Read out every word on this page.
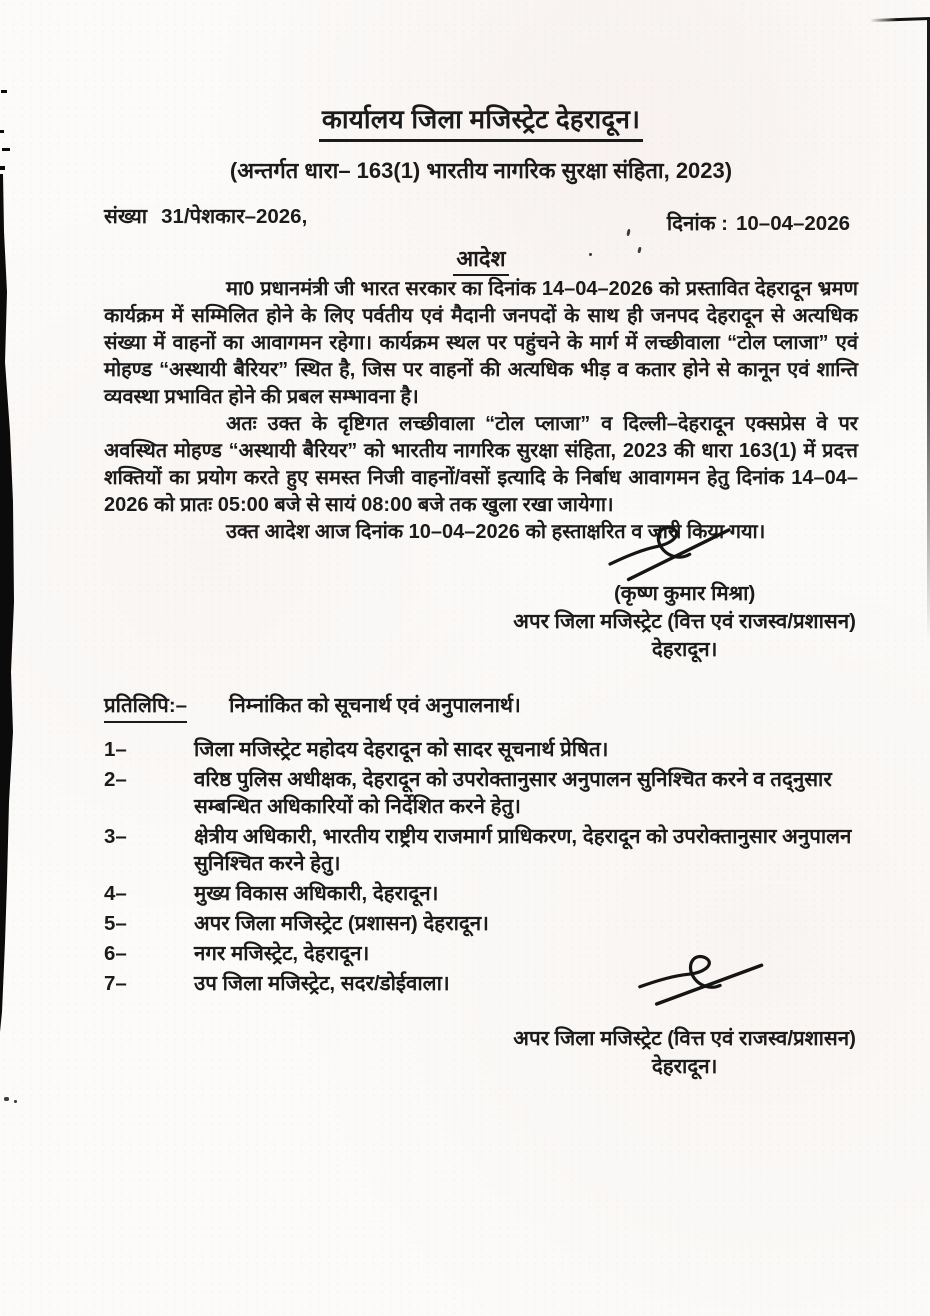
कार्यालय जिला मजिस्ट्रेट देहरादून।
(अन्तर्गत धारा– 163(1) भारतीय नागरिक सुरक्षा संहिता, 2023)
संख्या 31/पेशकार–2026,	दिनांक : 10–04–2026
आदेश

मा0 प्रधानमंत्री जी भारत सरकार का दिनांक 14–04–2026 को प्रस्तावित देहरादून भ्रमण कार्यक्रम में सम्मिलित होने के लिए पर्वतीय एवं मैदानी जनपदों के साथ ही जनपद देहरादून से अत्यधिक संख्या में वाहनों का आवागमन रहेगा। कार्यक्रम स्थल पर पहुंचने के मार्ग में लच्छीवाला “टोल प्लाजा” एवं मोहण्ड “अस्थायी बैरियर” स्थित है, जिस पर वाहनों की अत्यधिक भीड़ व कतार होने से कानून एवं शान्ति व्यवस्था प्रभावित होने की प्रबल सम्भावना है।

अतः उक्त के दृष्टिगत लच्छीवाला “टोल प्लाजा” व दिल्ली–देहरादून एक्सप्रेस वे पर अवस्थित मोहण्ड “अस्थायी बैरियर” को भारतीय नागरिक सुरक्षा संहिता, 2023 की धारा 163(1) में प्रदत्त शक्तियों का प्रयोग करते हुए समस्त निजी वाहनों/वसों इत्यादि के निर्बाध आवागमन हेतु दिनांक 14–04–2026 को प्रातः 05:00 बजे से सायं 08:00 बजे तक खुला रखा जायेगा।

उक्त आदेश आज दिनांक 10–04–2026 को हस्ताक्षरित व जारी किया गया।

(कृष्ण कुमार मिश्रा)
अपर जिला मजिस्ट्रेट (वित्त एवं राजस्व/प्रशासन)
देहरादून।
प्रतिलिपि:– निम्नांकित को सूचनार्थ एवं अनुपालनार्थ।
1–	जिला मजिस्ट्रेट महोदय देहरादून को सादर सूचनार्थ प्रेषित।
2–	वरिष्ठ पुलिस अधीक्षक, देहरादून को उपरोक्तानुसार अनुपालन सुनिश्चित करने व तद्नुसार सम्बन्धित अधिकारियों को निर्देशित करने हेतु।
3–	क्षेत्रीय अधिकारी, भारतीय राष्ट्रीय राजमार्ग प्राधिकरण, देहरादून को उपरोक्तानुसार अनुपालन सुनिश्चित करने हेतु।
4–	मुख्य विकास अधिकारी, देहरादून।
5–	अपर जिला मजिस्ट्रेट (प्रशासन) देहरादून।
6–	नगर मजिस्ट्रेट, देहरादून।
7–	उप जिला मजिस्ट्रेट, सदर/डोईवाला।
अपर जिला मजिस्ट्रेट (वित्त एवं राजस्व/प्रशासन)
देहरादून।
